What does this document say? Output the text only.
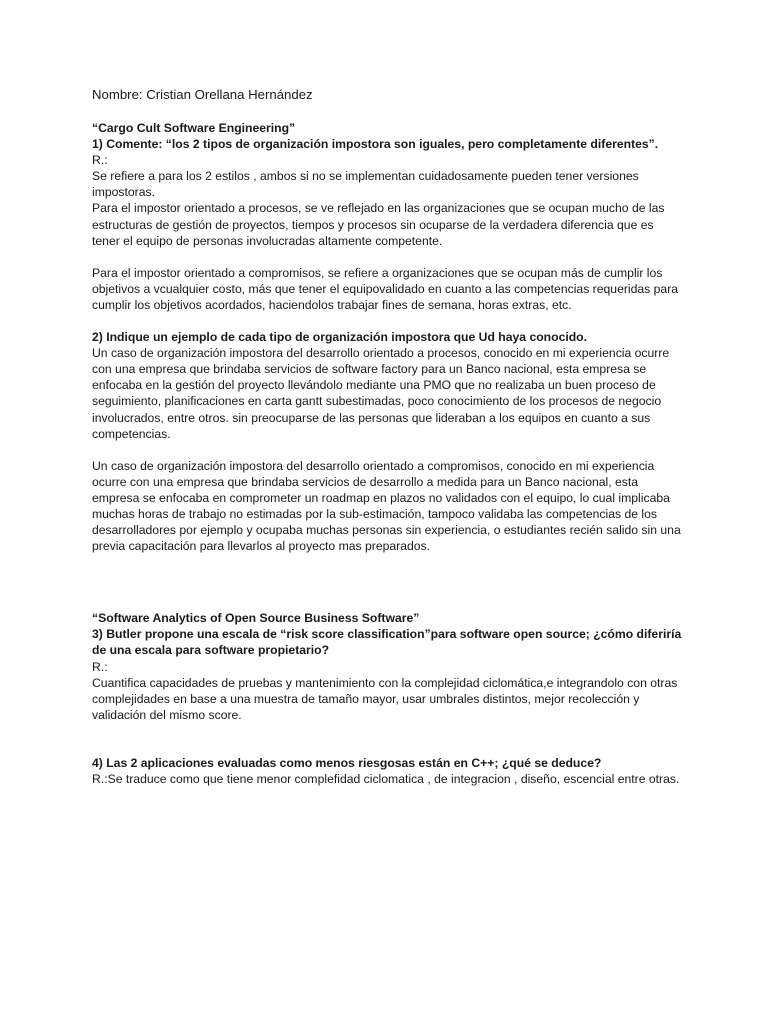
Nombre: Cristian Orellana Hernández

“Cargo Cult Software Engineering”

1) Comente: “los 2 tipos de organización impostora son iguales, pero completamente diferentes”.

R.:

Se refiere a para los 2 estilos , ambos si no se implementan cuidadosamente pueden tener versiones impostoras.

Para el impostor orientado a procesos, se ve reflejado en las organizaciones que se ocupan mucho de las estructuras de gestión de proyectos, tiempos y procesos sin ocuparse de la verdadera diferencia que es tener el equipo de personas involucradas altamente competente.

Para el impostor orientado a compromisos, se refiere a organizaciones que se ocupan más de cumplir los objetivos a vcualquier costo, más que tener el equipovalidado en cuanto a las competencias requeridas para cumplir los objetivos acordados, haciendolos trabajar fines de semana, horas extras, etc.

2) Indique un ejemplo de cada tipo de organización impostora que Ud haya conocido.

Un caso de organización impostora del desarrollo orientado a procesos, conocido en mi experiencia ocurre con una empresa que brindaba servicios de software factory para un Banco nacional, esta empresa se enfocaba en la gestión del proyecto llevándolo mediante una PMO que no realizaba un buen proceso de seguimiento, planificaciones en carta gantt subestimadas, poco conocimiento de los procesos de negocio involucrados, entre otros. sin preocuparse de las personas que lideraban a los equipos en cuanto a sus competencias.

Un caso de organización impostora del desarrollo orientado a compromisos, conocido en mi experiencia ocurre con una empresa que brindaba servicios de desarrollo a medida para un Banco nacional, esta empresa se enfocaba en comprometer un roadmap en plazos no validados con el equipo, lo cual implicaba muchas horas de trabajo no estimadas por la sub-estimación, tampoco validaba las competencias de los desarrolladores por ejemplo y ocupaba muchas personas sin experiencia, o estudiantes recién salido sin una previa capacitación para llevarlos al proyecto mas preparados.

“Software Analytics of Open Source Business Software”

3) Butler propone una escala de “risk score classification”para software open source; ¿cómo diferiría de una escala para software propietario?

R.:

Cuantifica capacidades de pruebas y mantenimiento con la complejidad ciclomática,e integrandolo con otras complejidades en base a una muestra de tamaño mayor, usar umbrales distintos, mejor recolección y validación del mismo score.

4) Las 2 aplicaciones evaluadas como menos riesgosas están en C++; ¿qué se deduce?

R.:Se traduce como que tiene menor complefidad ciclomatica , de integracion , diseño, escencial entre otras.
